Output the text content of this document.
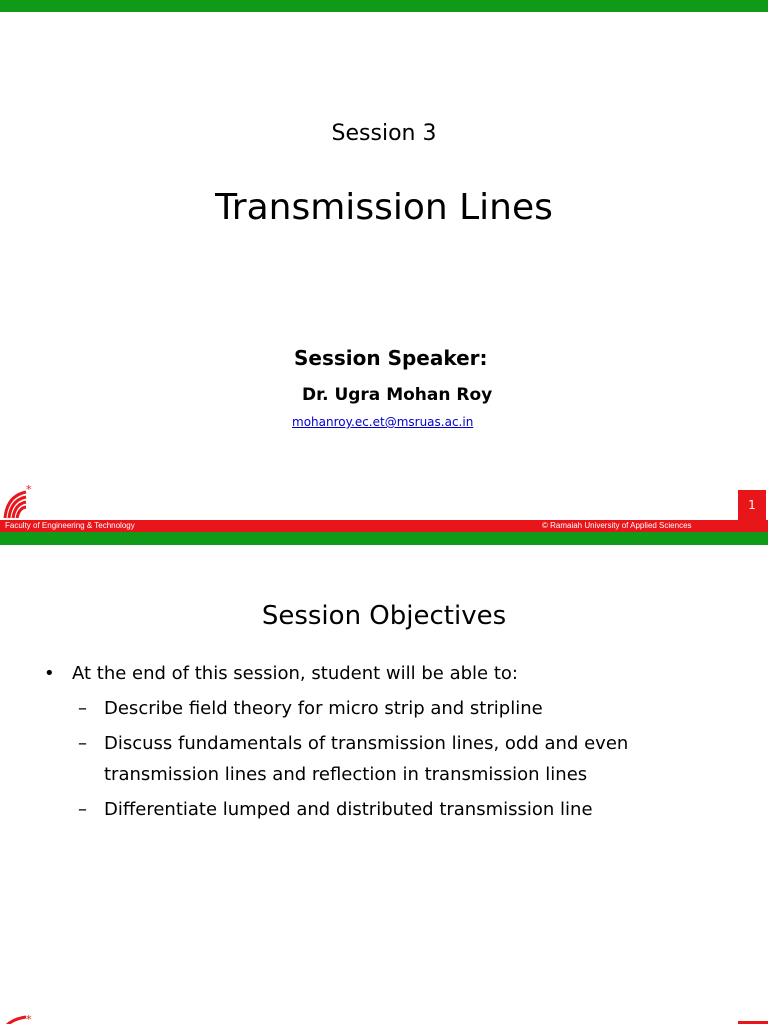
Session 3
Transmission Lines
Session Speaker:
Dr. Ugra Mohan Roy
mohanroy.ec.et@msruas.ac.in
*
1
Faculty of Engineering & Technology	© Ramaiah University of Applied Sciences
Session Objectives
• At the end of this session, student will be able to:
– Describe field theory for micro strip and stripline
– Discuss fundamentals of transmission lines, odd and even transmission lines and reflection in transmission lines
– Differentiate lumped and distributed transmission line
*
